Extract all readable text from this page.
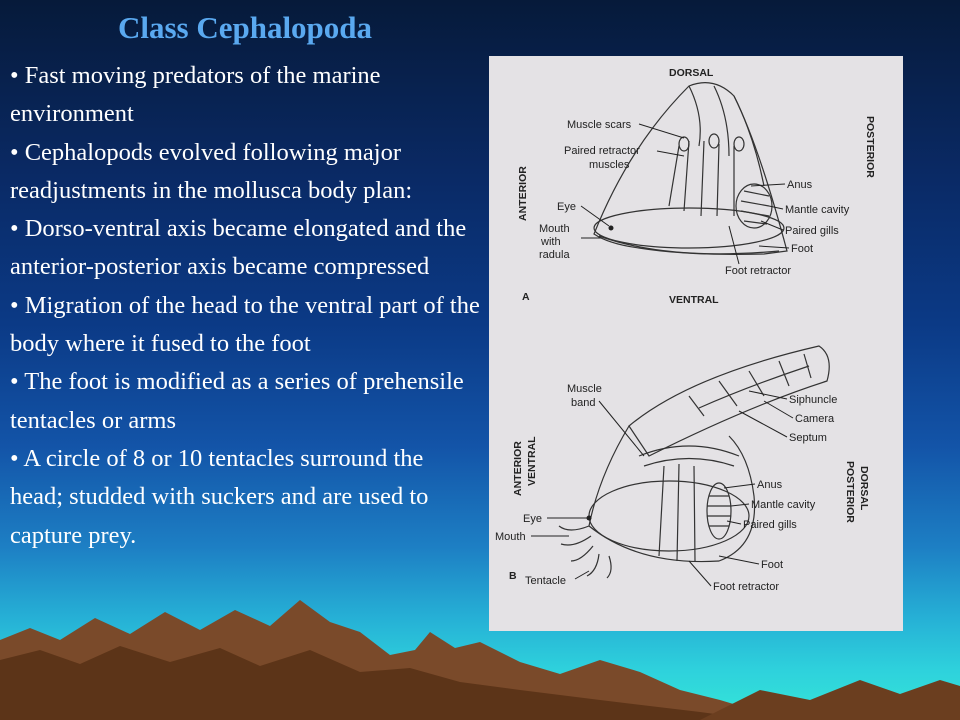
Class Cephalopoda
• Fast moving predators of the marine environment
• Cephalopods evolved following major readjustments in the mollusca body plan:
• Dorso-ventral axis became elongated and the anterior-posterior axis became compressed
• Migration of the head to the ventral part of the body where it fused to the foot
• The foot is modified as a series of prehensile tentacles or arms
• A circle of 8 or 10 tentacles surround the head; studded with suckers and are used to capture prey.
DORSAL
VENTRAL
ANTERIOR
POSTERIOR
A
Muscle scars
Paired retractor
muscles
Eye
Mouth
with
radula
Anus
Mantle cavity
Paired gills
Foot
Foot retractor
ANTERIOR VENTRAL
DORSAL
POSTERIOR
B
Muscle
band	Siphuncle
Camera
Septum
Anus
Mantle cavity
Paired gills
Eye
Mouth
Tentacle
Foot
Foot retractor
